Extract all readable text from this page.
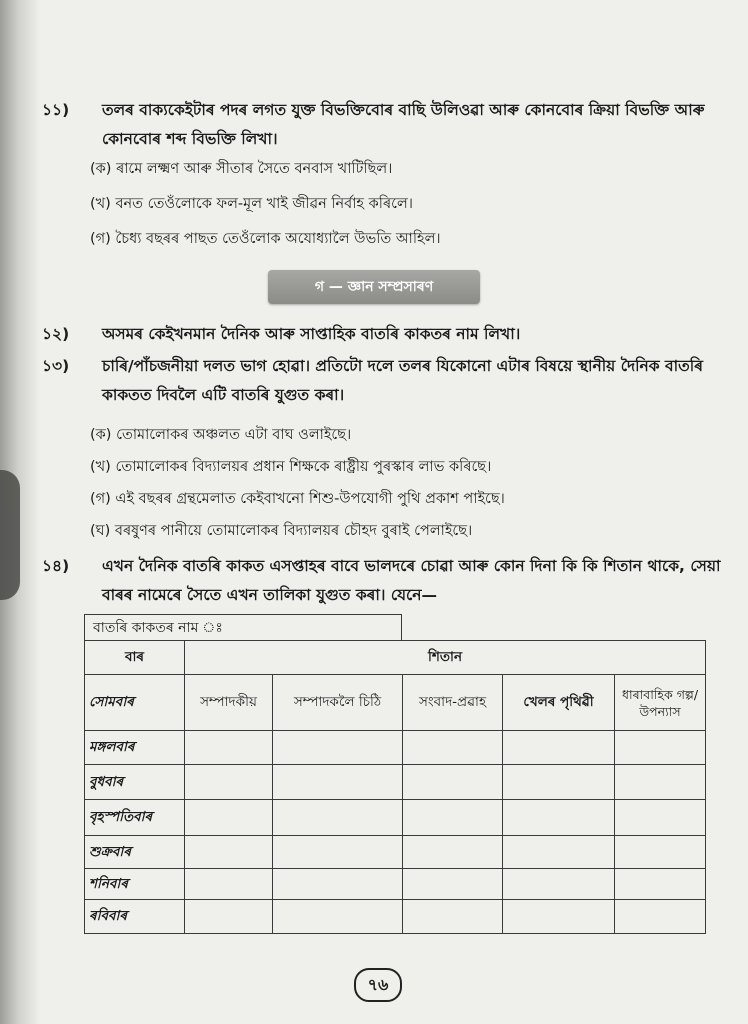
১১) তলৰ বাক্যকেইটাৰ পদৰ লগত যুক্ত বিভক্তিবোৰ বাছি উলিওৱা আৰু কোনবোৰ ক্ৰিয়া বিভক্তি আৰু কোনবোৰ শব্দ বিভক্তি লিখা।
(ক) ৰামে লক্ষ্মণ আৰু সীতাৰ সৈতে বনবাস খাটিছিল।
(খ) বনত তেওঁলোকে ফল-মূল খাই জীৱন নির্বাহ কৰিলে।
(গ) চৈধ্য বছৰৰ পাছত তেওঁলোক অযোধ্যালৈ উভতি আহিল।
গ — জ্ঞান সম্প্ৰসাৰণ
১২) অসমৰ কেইখনমান দৈনিক আৰু সাপ্তাহিক বাতৰি কাকতৰ নাম লিখা।
১৩) চাৰি/পাঁচজনীয়া দলত ভাগ হোৱা। প্ৰতিটো দলে তলৰ যিকোনো এটাৰ বিষয়ে স্থানীয় দৈনিক বাতৰি কাকতত দিবলৈ এটি বাতৰি যুগুত কৰা।
(ক) তোমালোকৰ অঞ্চলত এটা বাঘ ওলাইছে।
(খ) তোমালোকৰ বিদ্যালয়ৰ প্ৰধান শিক্ষকে ৰাষ্ট্ৰীয় পুৰস্কাৰ লাভ কৰিছে।
(গ) এই বছৰৰ গ্ৰন্থমেলাত কেইবাখনো শিশু-উপযোগী পুথি প্ৰকাশ পাইছে।
(ঘ) বৰষুণৰ পানীয়ে তোমালোকৰ বিদ্যালয়ৰ চৌহদ বুৰাই পেলাইছে।
১৪) এখন দৈনিক বাতৰি কাকত এসপ্তাহৰ বাবে ভালদৰে চোৱা আৰু কোন দিনা কি কি শিতান থাকে, সেয়া বাৰৰ নামেৰে সৈতে এখন তালিকা যুগুত কৰা। যেনে—
বাতৰি কাকতৰ নাম ঃ
বাৰ	শিতান				
সোমবাৰ	সম্পাদকীয়	সম্পাদকলৈ চিঠি	সংবাদ-প্ৰৱাহ	খেলৰ পৃথিৱী	ধাৰাবাহিক গল্প/উপন্যাস
মঙ্গলবাৰ					
বুধবাৰ					
বৃহস্পতিবাৰ					
শুক্ৰবাৰ					
শনিবাৰ					
ৰবিবাৰ					
৭৬
